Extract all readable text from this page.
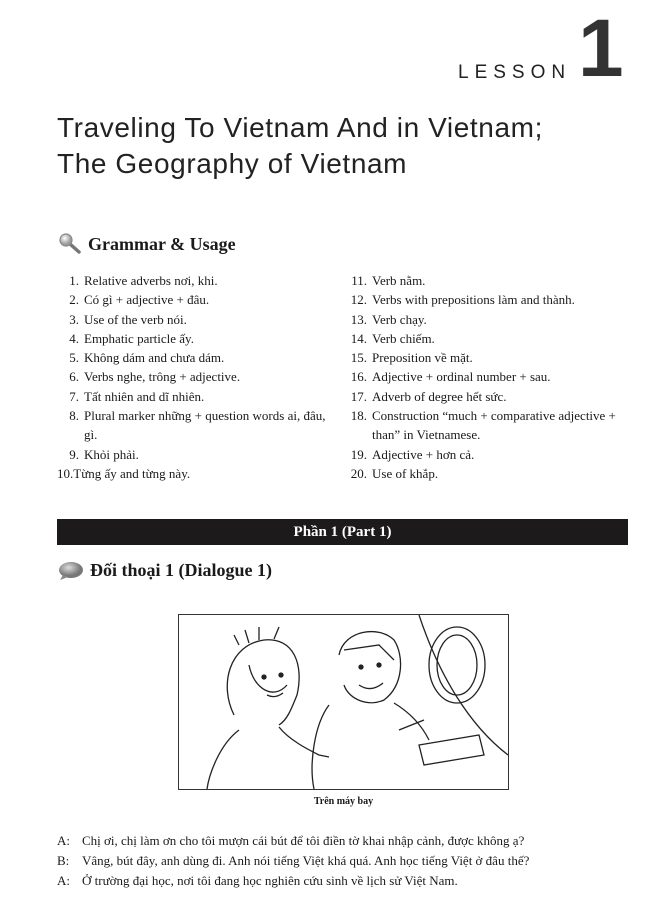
LESSON 1
Traveling To Vietnam And in Vietnam;
The Geography of Vietnam
Grammar & Usage
1. Relative adverbs nơi, khi.
2. Có gì + adjective + đâu.
3. Use of the verb nói.
4. Emphatic particle ấy.
5. Không dám and chưa dám.
6. Verbs nghe, trông + adjective.
7. Tất nhiên and dĩ nhiên.
8. Plural marker những + question words ai, đâu, gì.
9. Khỏi phải.
10. Từng ấy and từng này.
11. Verb nằm.
12. Verbs with prepositions làm and thành.
13. Verb chạy.
14. Verb chiếm.
15. Preposition về mặt.
16. Adjective + ordinal number + sau.
17. Adverb of degree hết sức.
18. Construction “much + comparative adjective + than” in Vietnamese.
19. Adjective + hơn cả.
20. Use of khắp.
Phần 1 (Part 1)
Đối thoại 1 (Dialogue 1)
Trên máy bay
A: Chị ơi, chị làm ơn cho tôi mượn cái bút để tôi điền tờ khai nhập cảnh, được không ạ?
B: Vâng, bút đây, anh dùng đi. Anh nói tiếng Việt khá quá. Anh học tiếng Việt ở đâu thế?
A: Ở trường đại học, nơi tôi đang học nghiên cứu sinh về lịch sử Việt Nam.
